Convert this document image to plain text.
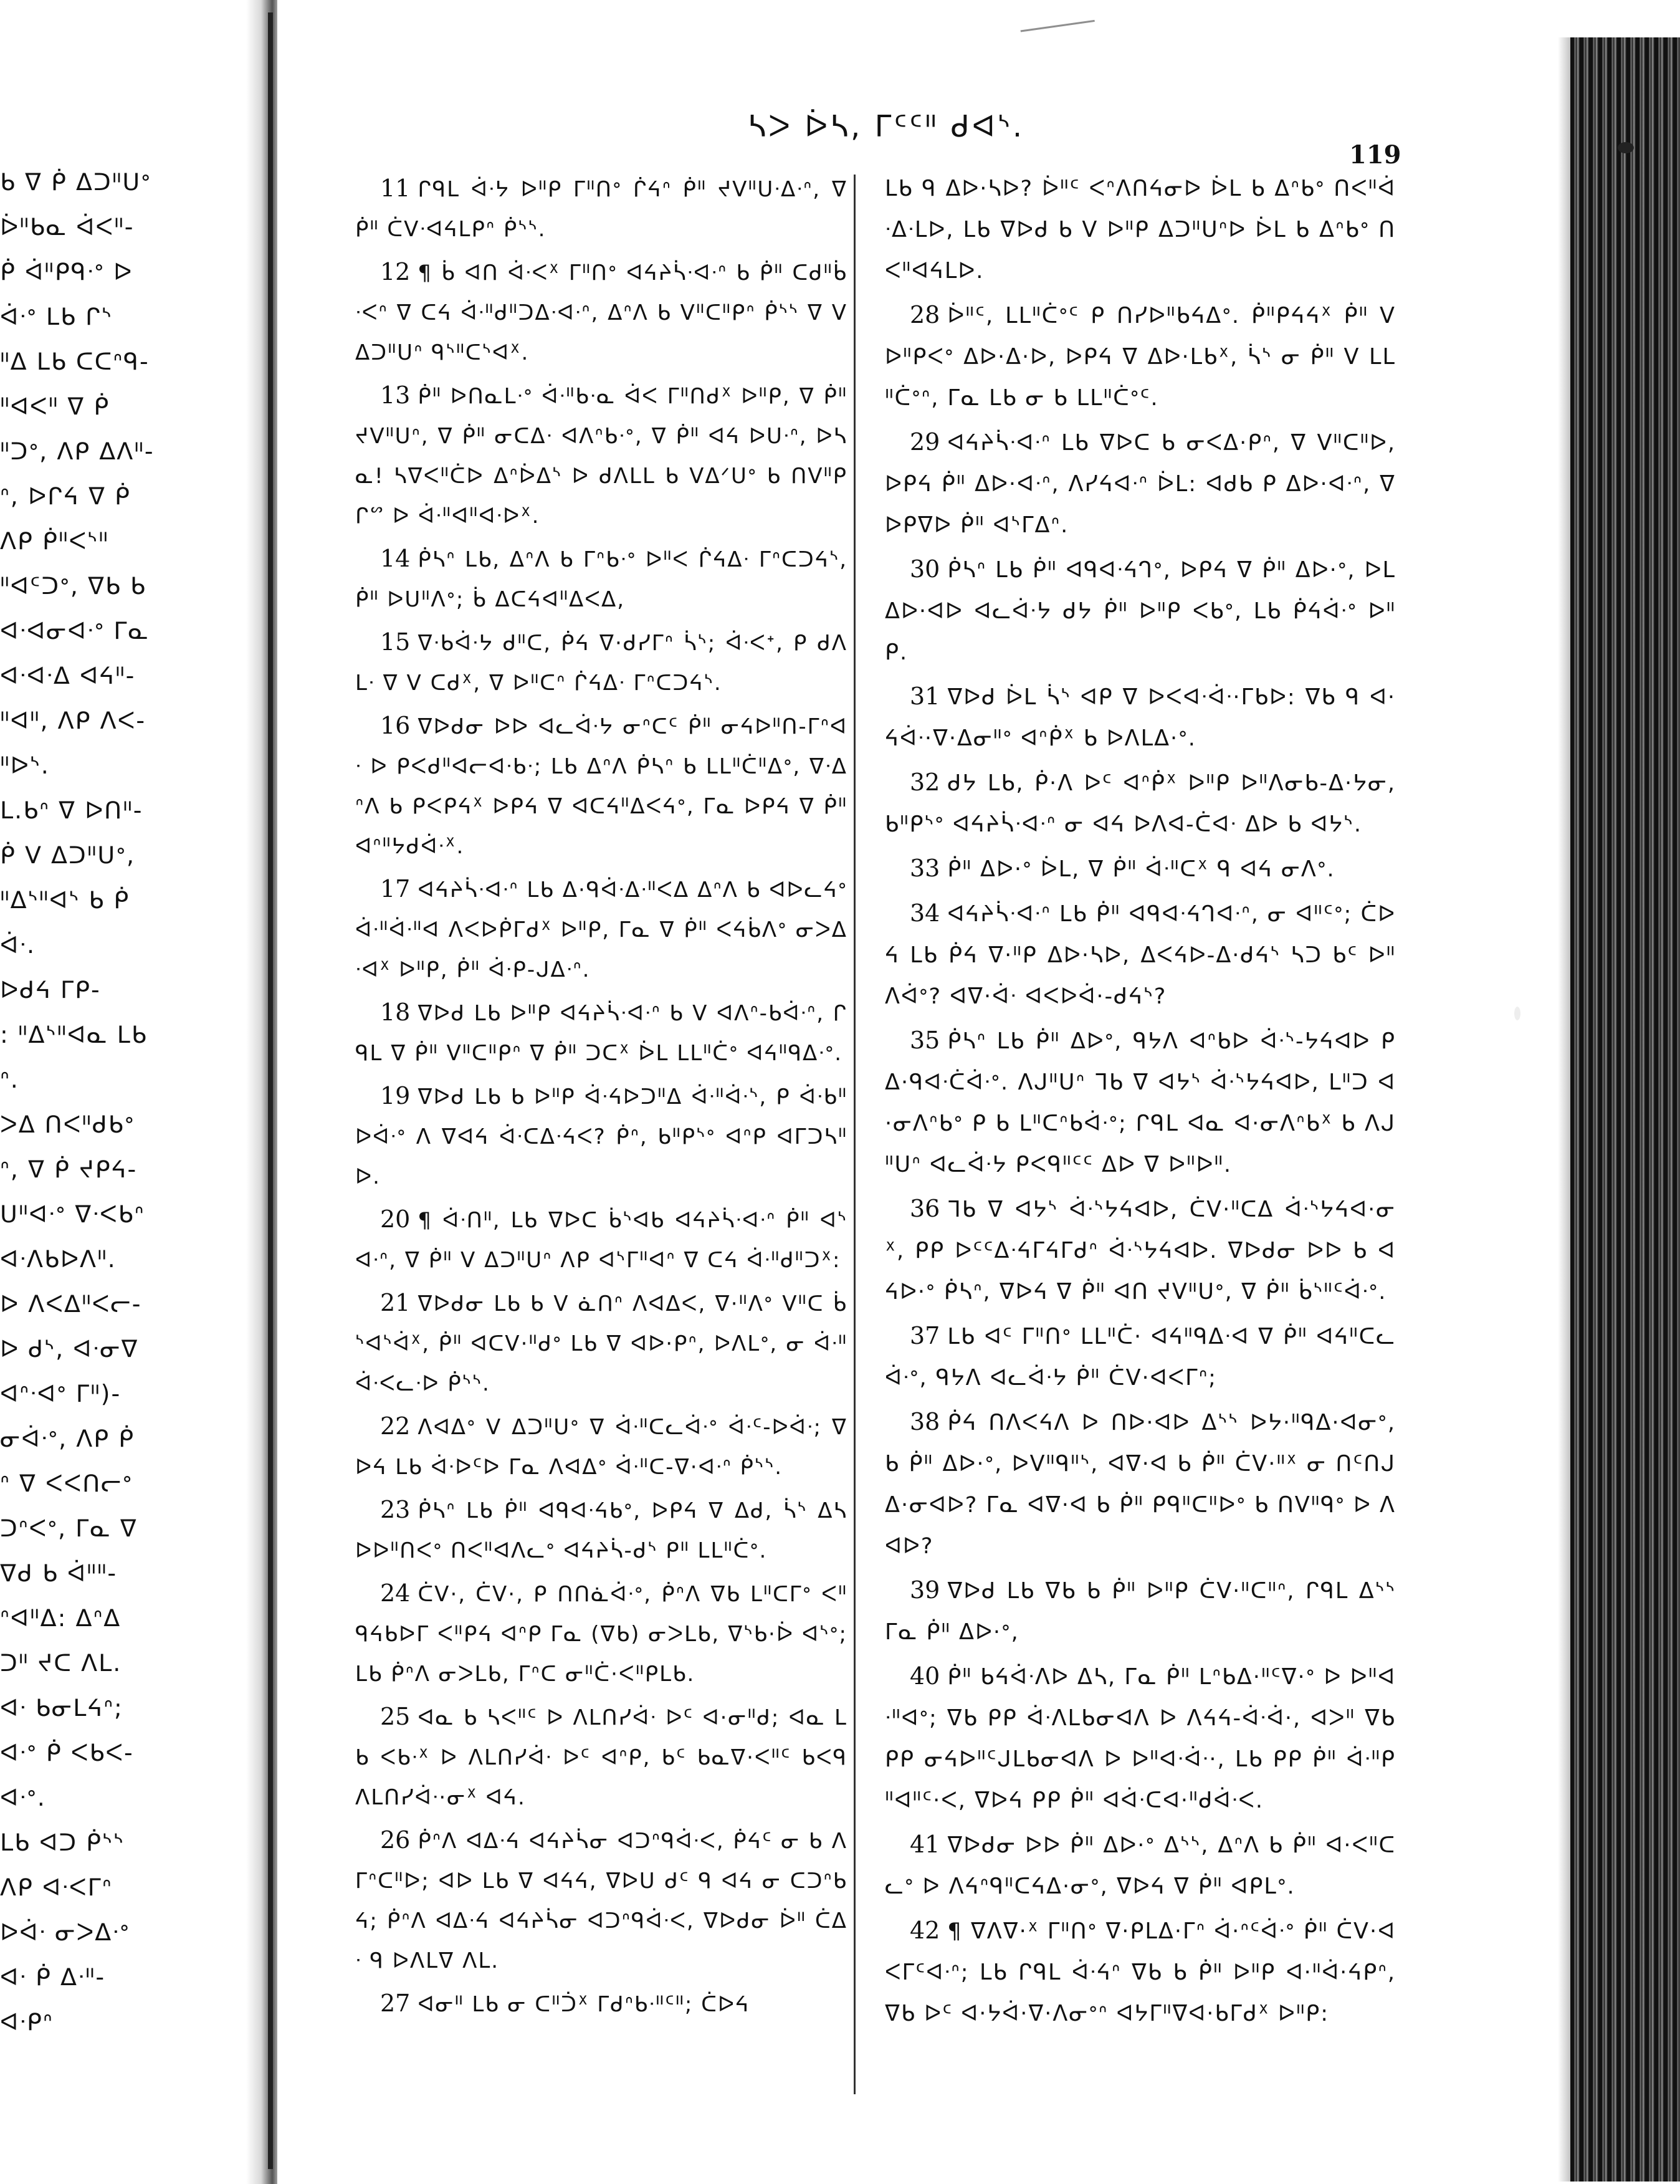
ᑲ ᐁ ᑮ ᐃᑐᐦᑌᐤ
ᐆᐦᑲᓇ ᐋᐸᐦ-
ᑮ ᐋᐦᑭᑫᐧᐤ ᐅ
ᐋᐧᐤ ᒪᑲ ᒋᔅ
ᐦᐃ ᒪᑲ ᑕᑕᐢᑫ-
ᐦᐊᐸᐦ ᐁ ᑮ
ᐦᑐᐤ, ᐱᑭ ᐃᐱᐦ-
ᐢ, ᐅᒋᔦ ᐁ ᑮ
ᐱᑭ ᑮᐦᐸᔅᐦ
ᐦᐊᑦᑐᐤ, ᐁᑲ ᑲ
ᐊᐧᐊᓂᐊᐧᐤ ᒥᓇ
ᐊᐧᐊᐧᐃ ᐊᔦᐦ-
ᐦᐊᐦ, ᐱᑭ ᐱᐸ-
ᐦᐅᔅ.
ᒪ.ᑲᐢ ᐁ ᐅᑎᐦ-
ᑮ ᐯ ᐃᑐᐦᑌᐤ,
ᐦᐃᔅᐦᐊᔅ ᑲ ᑮ
ᐋᐧ.
ᐅᑯᔦ ᒥᑭ-
: ᐦᐃᔅᐦᐊᓇ ᒪᑲ
ᐢ.
ᐳᐃ ᑎᐸᐦᑯᑲᐤ
ᐢ, ᐁ ᑮ ᔪᑭᔦ-
ᑌᐦᐊᐧᐤ ᐁᐧᐸᑲᐢ
ᐊᐧᐱᑲᐅᐱᐦ.
ᐅ ᐱᐸᐃᐦᐸᓕ-
ᐅ ᑯᔅ, ᐊᐧᓂᐁ
ᐊᐢᐧᐊᐤ ᒥᐦ)-
ᓂᐋᐧᐤ, ᐱᑭ ᑮ
ᐢ ᐁ ᐸᐸᑎᓕᐤ
ᑐᐢᐸᐤ, ᒥᓇ ᐁ
ᐁᑯ ᑲ ᐋᐦᐦ-
ᐢᐊᐦᐃ: ᐃᐢᐃ
ᑐᐦ ᔪᑕ ᐱᒪ.
ᐊᐧ ᑲᓂᒪᔦᐢ;
ᐊᐧᐤ ᑮ ᐸᑲᐸ-
ᐊᐧᐤ.
ᒪᑲ ᐊᑐ ᑮᔅᔅ
ᐱᑭ ᐊᐧᐸᒥᐢ
ᐅᐋᐧ ᓂᐳᐃᐧᐤ
ᐊᐧ ᑮ ᐃᐧᐦ-
ᐊᐧᑭᐢ
ᓴᐳ ᐆᓴ, ᒥᑦᑦᐦ ᑯᐊᔅ.
119
11 ᒋᑫᒪ ᐋᐧᔭ ᐅᐦᑭ ᒥᐦᑎᐤ ᒌᔦᐢ ᑮᐦ ᔪᐯᐦᑌᐧᐃᐧᐢ, ᐁ ᑮᐦ ᑖᐯᐧᐊᔦᒪᑭᐢ ᑮᔅᔅ.
12 ¶ ᑳ ᐊᑎ ᐋᐧᐸᕽ ᒥᐦᑎᐤ ᐊᔦᔨᓵᐧᐊᐧᐢ ᑲ ᑮᐦ ᑕᑯᐦᑳᐧᐸᐢ ᐁ ᑕᔦ ᐋᐧᐦᑯᐦᑐᐃᐧᐊᐧᐢ, ᐃᐢᐱ ᑲ ᐯᐦᑕᐦᑭᐢ ᑮᔅᔅ ᐁ ᐯ ᐃᑐᐦᑌᐢ ᑫᔅᐦᑕᔅᐊᕽ.
13 ᑮᐦ ᐅᑎᓇᒪᐧᐤ ᐋᐧᐦᑲᐧᓇ ᐋᐸ ᒥᐦᑎᑯᕽ ᐅᐦᑭ, ᐁ ᑮᐦ ᔪᐯᐦᑌᐢ, ᐁ ᑮᐦ ᓂᑕᐃᐧ ᐊᐱᐢᑲᐧᐤ, ᐁ ᑮᐦ ᐊᔦ ᐅᑌᐧᐢ, ᐅᓴᓇ! ᓴᐁᐸᐦᑖᐅ ᐃᐢᐆᐃᔅ ᐅ ᑯᐱᒪᒪ ᑲ ᐯᐃᐟᑌᐤ ᑲ ᑎᐯᐦᑭᒋᔥ ᐅ ᐋᐧᐦᐊᐦᐊᐧᐅᕽ.
14 ᑮᓴᐢ ᒪᑲ, ᐃᐢᐱ ᑲ ᒥᐢᑲᐧᐤ ᐅᐦᐸ ᒌᔦᐃᐧ ᒥᐢᑕᑐᔦᔅ, ᑮᐦ ᐅᑌᐦᐱᐤ; ᑳ ᐃᑕᔦᐊᐦᐃᐸᐃ,
15 ᐁᐧᑲᐋᐧᔭ ᑯᐦᑕ, ᑮᔦ ᐁ·ᑯᓯᒥᐢ ᓵᔅ; ᐋᐧᐸᕀ, ᑭ ᑯᐱᒪᐧ ᐁ ᐯ ᑕᑯᕽ, ᐁ ᐅᐦᑕᐢ ᒌᔦᐃᐧ ᒥᐢᑕᑐᔦᔅ.
16 ᐁᐅᑯᓂ ᐅᐅ ᐊᓚᐋᐧᔭ ᓂᐢᑕᑦ ᑮᐦ ᓂᔦᐅᐦᑎ-ᒥᐢᐊᐧ ᐅ ᑭᐸᑯᐦᐊᓕᐊᐧᑲᐧ; ᒪᑲ ᐃᐢᐱ ᑮᓴᐢ ᑲ ᒪᒪᐦᑖᐦᐃᐤ, ᐁᐧᐃᐢᐱ ᑲ ᑭᐸᑭᔦᕽ ᐅᑭᔦ ᐁ ᐊᑕᔦᐦᐃᐸᔦᐤ, ᒥᓇ ᐅᑭᔦ ᐁ ᑮᐦ ᐊᐢᐦᔭᑯᐋᐧᕽ.
17 ᐊᔦᔨᓵᐧᐊᐧᐢ ᒪᑲ ᐃ·ᑫᐋᐧᐃᐧᐦᐸᐃ ᐃᐢᐱ ᑲ ᐊᐅᓚᔦᐤ ᐋᐧᐦᐋᐧᐦᐊ ᐱᐸᐅᑮᒥᑯᕽ ᐅᐦᑭ, ᒥᓇ ᐁ ᑮᐦ ᐸᔦᑳᐱᐤ ᓂᐳᐃᐧᐊᕽ ᐅᐦᑭ, ᑮᐦ ᐋᐧᑭ-ᒍᐃᐧᐢ.
18 ᐁᐅᑯ ᒪᑲ ᐅᐦᑭ ᐊᔦᔨᓵᐧᐊᐧᐢ ᑲ ᐯ ᐊᐱᐢ-ᑲᐋᐧᐢ, ᒋᑫᒪ ᐁ ᑮᐦ ᐯᐦᑕᐦᑭᐢ ᐁ ᑮᐦ ᑐᑕᕽ ᐆᒪ ᒪᒪᐦᑖᐤ ᐊᔦᐦᑫᐃᐧᐤ.
19 ᐁᐅᑯ ᒪᑲ ᑲ ᐅᐦᑭ ᐋᐧᔦᐅᑐᐦᐃ ᐋᐧᐦᐋᐧᔅ, ᑭ ᐋᐧᑲᐦᐅᐋᐧᐤ ᐱ ᐁᐊᔦ ᐋᐧᑕᐃᐧᔦᐸ? ᑮᐢ, ᑲᐦᑭᔅᐤ ᐊᐢᑭ ᐊᒥᑐᓴᐦᐅ.
20 ¶ ᐋᐧᑎᐦ, ᒪᑲ ᐁᐅᑕ ᑳᔅᐊᑲ ᐊᔦᔨᓵᐧᐊᐧᐢ ᑮᐦ ᐊᔅᐊᐧᐢ, ᐁ ᑮᐦ ᐯ ᐃᑐᐦᑌᐢ ᐱᑭ ᐊᔅᒥᐦᐊᐢ ᐁ ᑕᔦ ᐋᐧᐦᑯᐦᑐᕽ:
21 ᐁᐅᑯᓂ ᒪᑲ ᑲ ᐯ ᓈᑎᐢ ᐱᐊᐃᐸ, ᐁ·ᐦᐱᐤ ᐯᐦᑕ ᑳᔅᐊᔅᐋᕽ, ᑮᐦ ᐊᑕᐯ·ᐦᑯᐤ ᒪᑲ ᐁ ᐊᐅ·ᑭᐢ, ᐅᐱᒪᐤ, ᓂ ᐋᐧᐦ ᐋᐧᐸᓚᐧᐅ ᑮᔅᔅ.
22 ᐱᐊᐃᐤ ᐯ ᐃᑐᐦᑌᐤ ᐁ ᐋᐧᐦᑕᓚᐋᐧᐤ ᐋᐧᑦ-ᐅᐋᐧ; ᐁᐅᔦ ᒪᑲ ᐋᐧᐅᑦᐅ ᒥᓇ ᐱᐊᐃᐤ ᐋᐧᐦᑕ-ᐁ·ᐊᐧᐢ ᑮᔅᔅ.
23 ᑮᓴᐢ ᒪᑲ ᑮᐦ ᐊᑫᐊᐧᔦᑲᐤ, ᐅᑭᔦ ᐁ ᐃᑯ, ᓵᔅ ᐃᓴ ᐅᐅᐦᑎᐸᐤ ᑎᐸᐦᐊᐱᓚᐤ ᐊᔦᔨᓵ-ᑯᔅ ᑭᐦ ᒪᒪᐦᑖᐤ.
24 ᑖᐯ·, ᑖᐯ·, ᑭ ᑎᑎᓈᐋᐧᐤ, ᑮᐢᐱ ᐁᑲ ᒪᐦᑕᒥᐤ ᐸᐦᑫᔦᑲᐅᒥ ᐸᐦᑭᔦ ᐊᐢᑭ ᒥᓇ (ᐁᑲ) ᓂᐳᒪᑲ, ᐁᔅᑲ·ᐆ ᐊᔅᐤ; ᒪᑲ ᑮᐢᐱ ᓂᐳᒪᑲ, ᒥᐢᑕ ᓂᐦᑖ·ᐸᐦᑭᒪᑲ.
25 ᐊᓇ ᑲ ᓴᐸᐦᑦ ᐅ ᐱᒪᑎᓯᐋᐧ ᐅᑦ ᐊ·ᓂᐦᑯ; ᐊᓇ ᒪᑲ ᐸᑲᐧᕽ ᐅ ᐱᒪᑎᓯᐋᐧ ᐅᑦ ᐊᐢᑭ, ᑲᑦ ᑲᓇᐁ·ᐸᐦᑦ ᑲᐸᑫ ᐱᒪᑎᓯᐋᐧ·ᓂᕽ ᐊᔦ.
26 ᑮᐢᐱ ᐊᐃᐧᔦ ᐊᔦᔨᓵᓂ ᐊᑐᐢᑫᐋᐧᐸ, ᑮᔦᑦ ᓂ ᑲ ᐱᒥᐢᑕᐦᐅ; ᐊᐅ ᒪᑲ ᐁ ᐊᔦᔦ, ᐁᐅᑌ ᑯᑦ ᑫ ᐊᔦ ᓂ ᑕᑐᐢᑲᔦ; ᑮᐢᐱ ᐊᐃᐧᔦ ᐊᔦᔨᓵᓂ ᐊᑐᐢᑫᐋᐧᐸ, ᐁᐅᑯᓂ ᐆᐦ ᑖᐃᐧ ᑫ ᐅᐱᒪᐁ ᐱᒪ.
27 ᐊᓂᐦ ᒪᑲ ᓂ ᑕᐦᑑᕽ ᒥᑯᐢᑲᐧᐦᑦᐦ; ᑖᐅᔦ
ᒪᑲ ᑫ ᐃᐅ·ᓴᐅ? ᐆᐦᑦ ᐸᐢᐱᑎᔦᓂᐅ ᐆᒪ ᑲ ᐃᐢᑲᐤ ᑎᐸᐦᐋᐧᐃᐧᒪᐅ, ᒪᑲ ᐁᐅᑯ ᑲ ᐯ ᐅᐦᑭ ᐃᑐᐦᑌᐢᐅ ᐆᒪ ᑲ ᐃᐢᑲᐤ ᑎᐸᐦᐊᔦᒪᐅ.
28 ᐆᐦᑦ, ᒪᒪᐦᑖᐤᑦ ᑭ ᑎᓯᐅᐦᑲᔦᐃᐤ. ᑮᐦᑭᔦᔦᕽ ᑮᐦ ᐯ ᐅᐦᑭᐸᐤ ᐃᐅ·ᐃ·ᐅ, ᐅᑭᔦ ᐁ ᐃᐅ·ᒪᑲᕽ, ᓵᔅ ᓂ ᑮᐦ ᐯ ᒪᒪᐦᑖᐤᐢ, ᒥᓇ ᒪᑲ ᓂ ᑲ ᒪᒪᐦᑖᐤᑦ.
29 ᐊᔦᔨᓵᐧᐊᐧᐢ ᒪᑲ ᐁᐅᑕ ᑲ ᓂᐸᐃ·ᑭᐢ, ᐁ ᐯᐦᑕᐦᐅ, ᐅᑭᔦ ᑮᐦ ᐃᐅ·ᐊᐧᐢ, ᐱᓯᔦᐊᐧᐢ ᐆᒪ: ᐊᑯᑲ ᑭ ᐃᐅ·ᐊᐧᐢ, ᐁᐅᑭᐁᐅ ᑮᐦ ᐊᔅᒥᐃᐢ.
30 ᑮᓴᐢ ᒪᑲ ᑮᐦ ᐊᑫᐊᐧᔦᒉᐤ, ᐅᑭᔦ ᐁ ᑮᐦ ᐃᐅ·ᐤ, ᐅᒪ ᐃᐅ·ᐊᐅ ᐊᓚᐋᐧᔭ ᑯᔭ ᑮᐦ ᐅᐦᑭ ᐸᑲᐤ, ᒪᑲ ᑮᔦᐋᐧᐤ ᐅᐦᑭ.
31 ᐁᐅᑯ ᐆᒪ ᓵᔅ ᐊᑭ ᐁ ᐅᐸᐊᐧᐋᐧ·ᒥᑲᐅ: ᐁᑲ ᑫ ᐊ·ᔦᐋᐧ·ᐁ·ᐃᓂᐦᐤ ᐊᐢᑮᕽ ᑲ ᐅᐱᒪᐃ·ᐤ.
32 ᑯᔭ ᒪᑲ, ᑮ·ᐱ ᐅᑦ ᐊᐢᑮᕽ ᐅᐦᑭ ᐅᐦᐱᓂᑲ-ᐃ·ᔭᓂ, ᑲᐦᑭᔅᐤ ᐊᔦᔨᓵᐧᐊᐧᐢ ᓂ ᐊᔦ ᐅᐱᐊ-ᑖᐊᐧ ᐃᐅ ᑲ ᐊᔭᔅ.
33 ᑮᐦ ᐃᐅ·ᐤ ᐆᒪ, ᐁ ᑮᐦ ᐋᐧᐦᑕᕽ ᑫ ᐊᔦ ᓂᐱᐤ.
34 ᐊᔦᔨᓵᐧᐊᐧᐢ ᒪᑲ ᑮᐦ ᐊᑫᐊᐧᔦᒉᐊᐧᐢ, ᓂ ᐊᐦᑦᐤ; ᑖᐅᔦ ᒪᑲ ᑮᔦ ᐁ·ᐦᑭ ᐃᐅ·ᓴᐅ, ᐃᐸᔦᐅ-ᐃ·ᑯᔦᔅ ᓴᑐ ᑲᑦ ᐅᐦᐱᐋᐤ? ᐊᐁ·ᐋᐧ ᐊᐸᐅᐋ·-ᑯᔦᔅ?
35 ᑮᓴᐢ ᒪᑲ ᑮᐦ ᐃᐅᐤ, ᑫᔭᐱ ᐊᐢᑲᐅ ᐋᐧᔅ-ᔭᔦᐊᐅ ᑭ ᐃ·ᑫᐊᐧᑖᐋᐧᐤ. ᐱᒍᐦᑌᐢ ᒣᑲ ᐁ ᐊᔭᔅ ᐋᐧᔅᔭᔦᐊᐅ, ᒪᐦᑐ ᐊ·ᓂᐱᐢᑲᐤ ᑭ ᑲ ᒪᐦᑕᐢᑲᐋᐧᐤ; ᒋᑫᒪ ᐊᓇ ᐊ·ᓂᐱᐢᑲᕽ ᑲ ᐱᒍᐦᑌᐢ ᐊᓚᐋᐧᔭ ᑭᐸᑫᐦᑦᑦ ᐃᐅ ᐁ ᐅᐦᐅᐦ.
36 ᒣᑲ ᐁ ᐊᔭᔅ ᐋᐧᔅᔭᔦᐊᐅ, ᑖᐯ·ᐦᑕᐃ ᐋᐧᔅᔭᔦᐊ·ᓂᕽ, ᑭᑭ ᐅᑦᑦᐃᐧᔦᒥᔦᒥᑯᐢ ᐋᐧᔅᔭᔦᐊᐅ. ᐁᐅᑯᓂ ᐅᐅ ᑲ ᐊᔦᐅ·ᐤ ᑮᓴᐢ, ᐁᐅᔦ ᐁ ᑮᐦ ᐊᑎ ᔪᐯᐦᑌᐤ, ᐁ ᑮᐦ ᑳᔅᐦᑦᐋᐧᐤ.
37 ᒪᑲ ᐊᑦ ᒥᐦᑎᐤ ᒪᒪᐦᑖ· ᐊᔦᐦᑫᐃᐧᐊ ᐁ ᑮᐦ ᐊᔦᐦᑕᓚᐋᐧᐤ, ᑫᔭᐱ ᐊᓚᐋᐧᔭ ᑮᐦ ᑖᐯ·ᐊᐸᒥᐢ;
38 ᑮᔦ ᑎᐱᐸᔦᐱ ᐅ ᑎᐅ·ᐊᐅ ᐃᔅᔅ ᐅᔭ·ᐦᑫᐃ·ᐊᓂᐤ, ᑲ ᑮᐦ ᐃᐅ·ᐤ, ᐅᐯᐦᑫᐦᔅ, ᐊᐁ·ᐊ ᑲ ᑮᐦ ᑖᐯ·ᐦᕽ ᓂ ᑎᑦᑎᒍᐃ·ᓂᐊᐅ? ᒥᓇ ᐊᐁ·ᐊ ᑲ ᑮᐦ ᑭᑫᐦᑕᐦᐅᐤ ᑲ ᑎᐯᐦᑫᐤ ᐅ ᐱᐊᐅ?
39 ᐁᐅᑯ ᒪᑲ ᐁᑲ ᑲ ᑮᐦ ᐅᐦᑭ ᑖᐯ·ᐦᑕᐦᐢ, ᒋᑫᒪ ᐃᔅᔅ ᒥᓇ ᑮᐦ ᐃᐅ·ᐤ,
40 ᑮᐦ ᑲᔦᐋᐧᐱᐅ ᐃᓴ, ᒥᓇ ᑮᐦ ᒪᐢᑲᐃ·ᐦᑦᐁ·ᐤ ᐅ ᐅᐦᐊᐧᐦᐊᐤ; ᐁᑲ ᑭᑭ ᐋᐧᐱᒪᑲᓂᐊᐱ ᐅ ᐱᔦᔦ-ᐋᐧᐋ·, ᐊᐳᐦ ᐁᑲ ᑭᑭ ᓂᔦᐅᐦᑦᒍᒪᑲᓂᐊᐱ ᐅ ᐅᐦᐊᐧᐋᐧ·, ᒪᑲ ᑭᑭ ᑮᐦ ᐋᐧᐦᑭᐦᐊᐦᑦ·ᐸ, ᐁᐅᔦ ᑭᑭ ᑮᐦ ᐊᐋᐧᑕᐊ·ᐦᑯᐋᐧᐸ.
41 ᐁᐅᑯᓂ ᐅᐅ ᑮᐦ ᐃᐅ·ᐤ ᐃᔅᔅ, ᐃᐢᐱ ᑲ ᑮᐦ ᐊ·ᐸᐦᑕᓚᐤ ᐅ ᐱᔦᐢᑫᐦᑕᔦᐃ·ᓂᐤ, ᐁᐅᔦ ᐁ ᑮᐦ ᐊᑭᒪᐤ.
42 ¶ ᐁᐱᐁ·ᕽ ᒥᐦᑎᐤ ᐁ·ᑭᒪᐃ·ᒥᐢ ᐋ·ᐢᑦᐋᐧᐤ ᑮᐦ ᑖᐯ·ᐊᐸᒥᑦᐊᐧᐢ; ᒪᑲ ᒋᑫᒪ ᐋᐧᔦᐢ ᐁᑲ ᑲ ᑮᐦ ᐅᐦᑭ ᐊ·ᐦᐋ·ᔦᑭᐢ, ᐁᑲ ᐅᑦ ᐊ·ᔭᐋ·ᐁ·ᐱᓂᐤᐢ ᐊᔭᒥᐦᐁᐊ·ᑲᒥᑯᕽ ᐅᐦᑭ:
